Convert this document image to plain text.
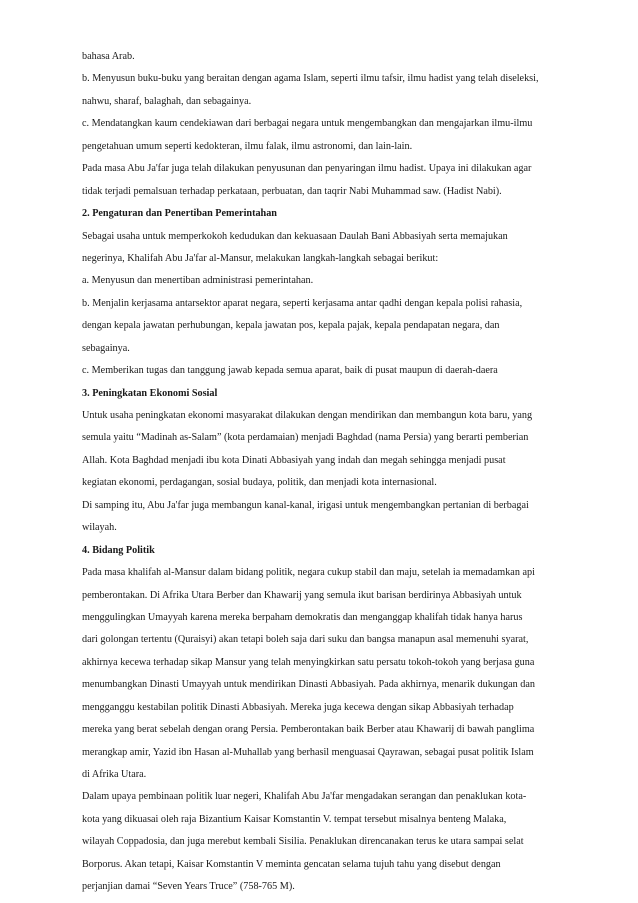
bahasa Arab.
b. Menyusun buku-buku yang beraitan dengan agama Islam, seperti ilmu tafsir, ilmu hadist yang telah diseleksi,
nahwu, sharaf, balaghah, dan sebagainya.
c. Mendatangkan kaum cendekiawan dari berbagai negara untuk mengembangkan dan mengajarkan ilmu-ilmu
pengetahuan umum seperti kedokteran, ilmu falak, ilmu astronomi, dan lain-lain.
Pada masa Abu Ja'far juga telah dilakukan penyusunan dan penyaringan ilmu hadist. Upaya ini dilakukan agar
tidak terjadi pemalsuan terhadap perkataan, perbuatan, dan taqrir Nabi Muhammad saw. (Hadist Nabi).
2. Pengaturan dan Penertiban Pemerintahan
Sebagai usaha untuk memperkokoh kedudukan dan kekuasaan Daulah Bani Abbasiyah serta memajukan
negerinya, Khalifah Abu Ja'far al-Mansur, melakukan langkah-langkah sebagai berikut:
a. Menyusun dan menertiban administrasi pemerintahan.
b. Menjalin kerjasama antarsektor aparat negara, seperti kerjasama antar qadhi dengan kepala polisi rahasia,
dengan kepala jawatan perhubungan, kepala jawatan pos, kepala pajak, kepala pendapatan negara, dan
sebagainya.
c. Memberikan tugas dan tanggung jawab kepada semua aparat, baik di pusat maupun di daerah-daera
3. Peningkatan Ekonomi Sosial
Untuk usaha peningkatan ekonomi masyarakat dilakukan dengan mendirikan dan membangun kota baru, yang
semula yaitu “Madinah as-Salam” (kota perdamaian) menjadi Baghdad (nama Persia) yang berarti pemberian
Allah. Kota Baghdad menjadi ibu kota Dinati Abbasiyah yang indah dan megah sehingga menjadi pusat
kegiatan ekonomi, perdagangan, sosial budaya, politik, dan menjadi kota internasional.
Di samping itu, Abu Ja'far juga membangun kanal-kanal, irigasi untuk mengembangkan pertanian di berbagai
wilayah.
4. Bidang Politik
Pada masa khalifah al-Mansur dalam bidang politik, negara cukup stabil dan maju, setelah ia memadamkan api
pemberontakan. Di Afrika Utara Berber dan Khawarij yang semula ikut barisan berdirinya Abbasiyah untuk
menggulingkan Umayyah karena mereka berpaham demokratis dan menganggap khalifah tidak hanya harus
dari golongan tertentu (Quraisyi) akan tetapi boleh saja dari suku dan bangsa manapun asal memenuhi syarat,
akhirnya kecewa terhadap sikap Mansur yang telah menyingkirkan satu persatu tokoh-tokoh yang berjasa guna
menumbangkan Dinasti Umayyah untuk mendirikan Dinasti Abbasiyah. Pada akhirnya, menarik dukungan dan
mengganggu kestabilan politik Dinasti Abbasiyah. Mereka juga kecewa dengan sikap Abbasiyah terhadap
mereka yang berat sebelah dengan orang Persia. Pemberontakan baik Berber atau Khawarij di bawah panglima
merangkap amir, Yazid ibn Hasan al-Muhallab yang berhasil menguasai Qayrawan, sebagai pusat politik Islam
di Afrika Utara.
Dalam upaya pembinaan politik luar negeri, Khalifah Abu Ja'far mengadakan serangan dan penaklukan kota-
kota yang dikuasai oleh raja Bizantium Kaisar Komstantin V. tempat tersebut misalnya benteng Malaka,
wilayah Coppadosia, dan juga merebut kembali Sisilia. Penaklukan direncanakan terus ke utara sampai selat
Borporus. Akan tetapi, Kaisar Komstantin V meminta gencatan selama tujuh tahu yang disebut dengan
perjanjian damai “Seven Years Truce” (758-765 M).
